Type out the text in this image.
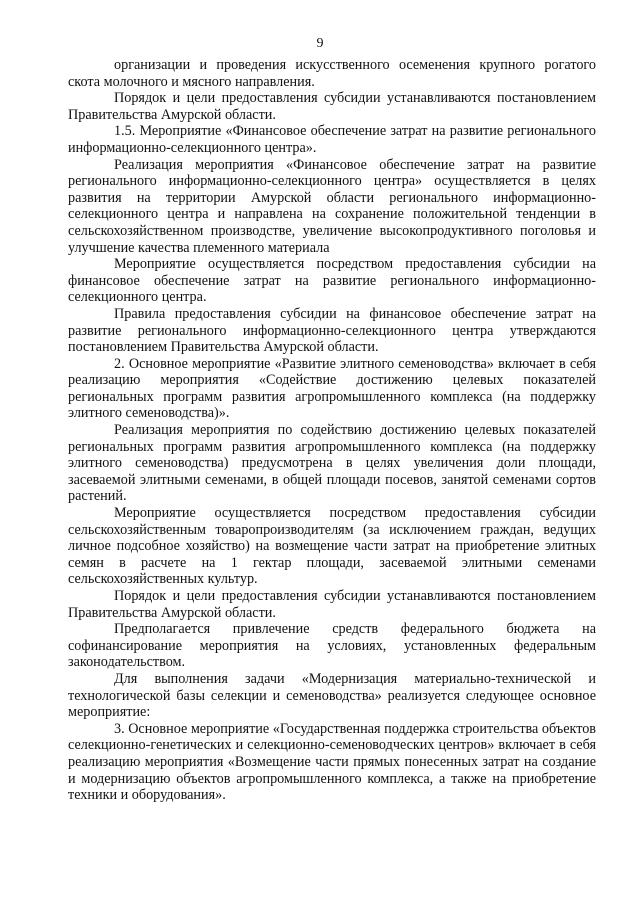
9

организации и проведения искусственного осеменения крупного рогатого скота молочного и мясного направления.

Порядок и цели предоставления субсидии устанавливаются постановлением Правительства Амурской области.

1.5. Мероприятие «Финансовое обеспечение затрат на развитие регионального информационно-селекционного центра».

Реализация мероприятия «Финансовое обеспечение затрат на развитие регионального информационно-селекционного центра» осуществляется в целях развития на территории Амурской области регионального информационно-селекционного центра и направлена на сохранение положительной тенденции в сельскохозяйственном производстве, увеличение высокопродуктивного поголовья и улучшение качества племенного материала

Мероприятие осуществляется посредством предоставления субсидии на финансовое обеспечение затрат на развитие регионального информационно-селекционного центра.

Правила предоставления субсидии на финансовое обеспечение затрат на развитие регионального информационно-селекционного центра утверждаются постановлением Правительства Амурской области.

2. Основное мероприятие «Развитие элитного семеноводства» включает в себя реализацию мероприятия «Содействие достижению целевых показателей региональных программ развития агропромышленного комплекса (на поддержку элитного семеноводства)».

Реализация мероприятия по содействию достижению целевых показателей региональных программ развития агропромышленного комплекса (на поддержку элитного семеноводства) предусмотрена в целях увеличения доли площади, засеваемой элитными семенами, в общей площади посевов, занятой семенами сортов растений.

Мероприятие осуществляется посредством предоставления субсидии сельскохозяйственным товаропроизводителям (за исключением граждан, ведущих личное подсобное хозяйство) на возмещение части затрат на приобретение элитных семян в расчете на 1 гектар площади, засеваемой элитными семенами сельскохозяйственных культур.

Порядок и цели предоставления субсидии устанавливаются постановлением Правительства Амурской области.

Предполагается привлечение средств федерального бюджета на софинансирование мероприятия на условиях, установленных федеральным законодательством.

Для выполнения задачи «Модернизация материально-технической и технологической базы селекции и семеноводства» реализуется следующее основное мероприятие:

3. Основное мероприятие «Государственная поддержка строительства объектов селекционно-генетических и селекционно-семеноводческих центров» включает в себя реализацию мероприятия «Возмещение части прямых понесенных затрат на создание и модернизацию объектов агропромышленного комплекса, а также на приобретение техники и оборудования».
